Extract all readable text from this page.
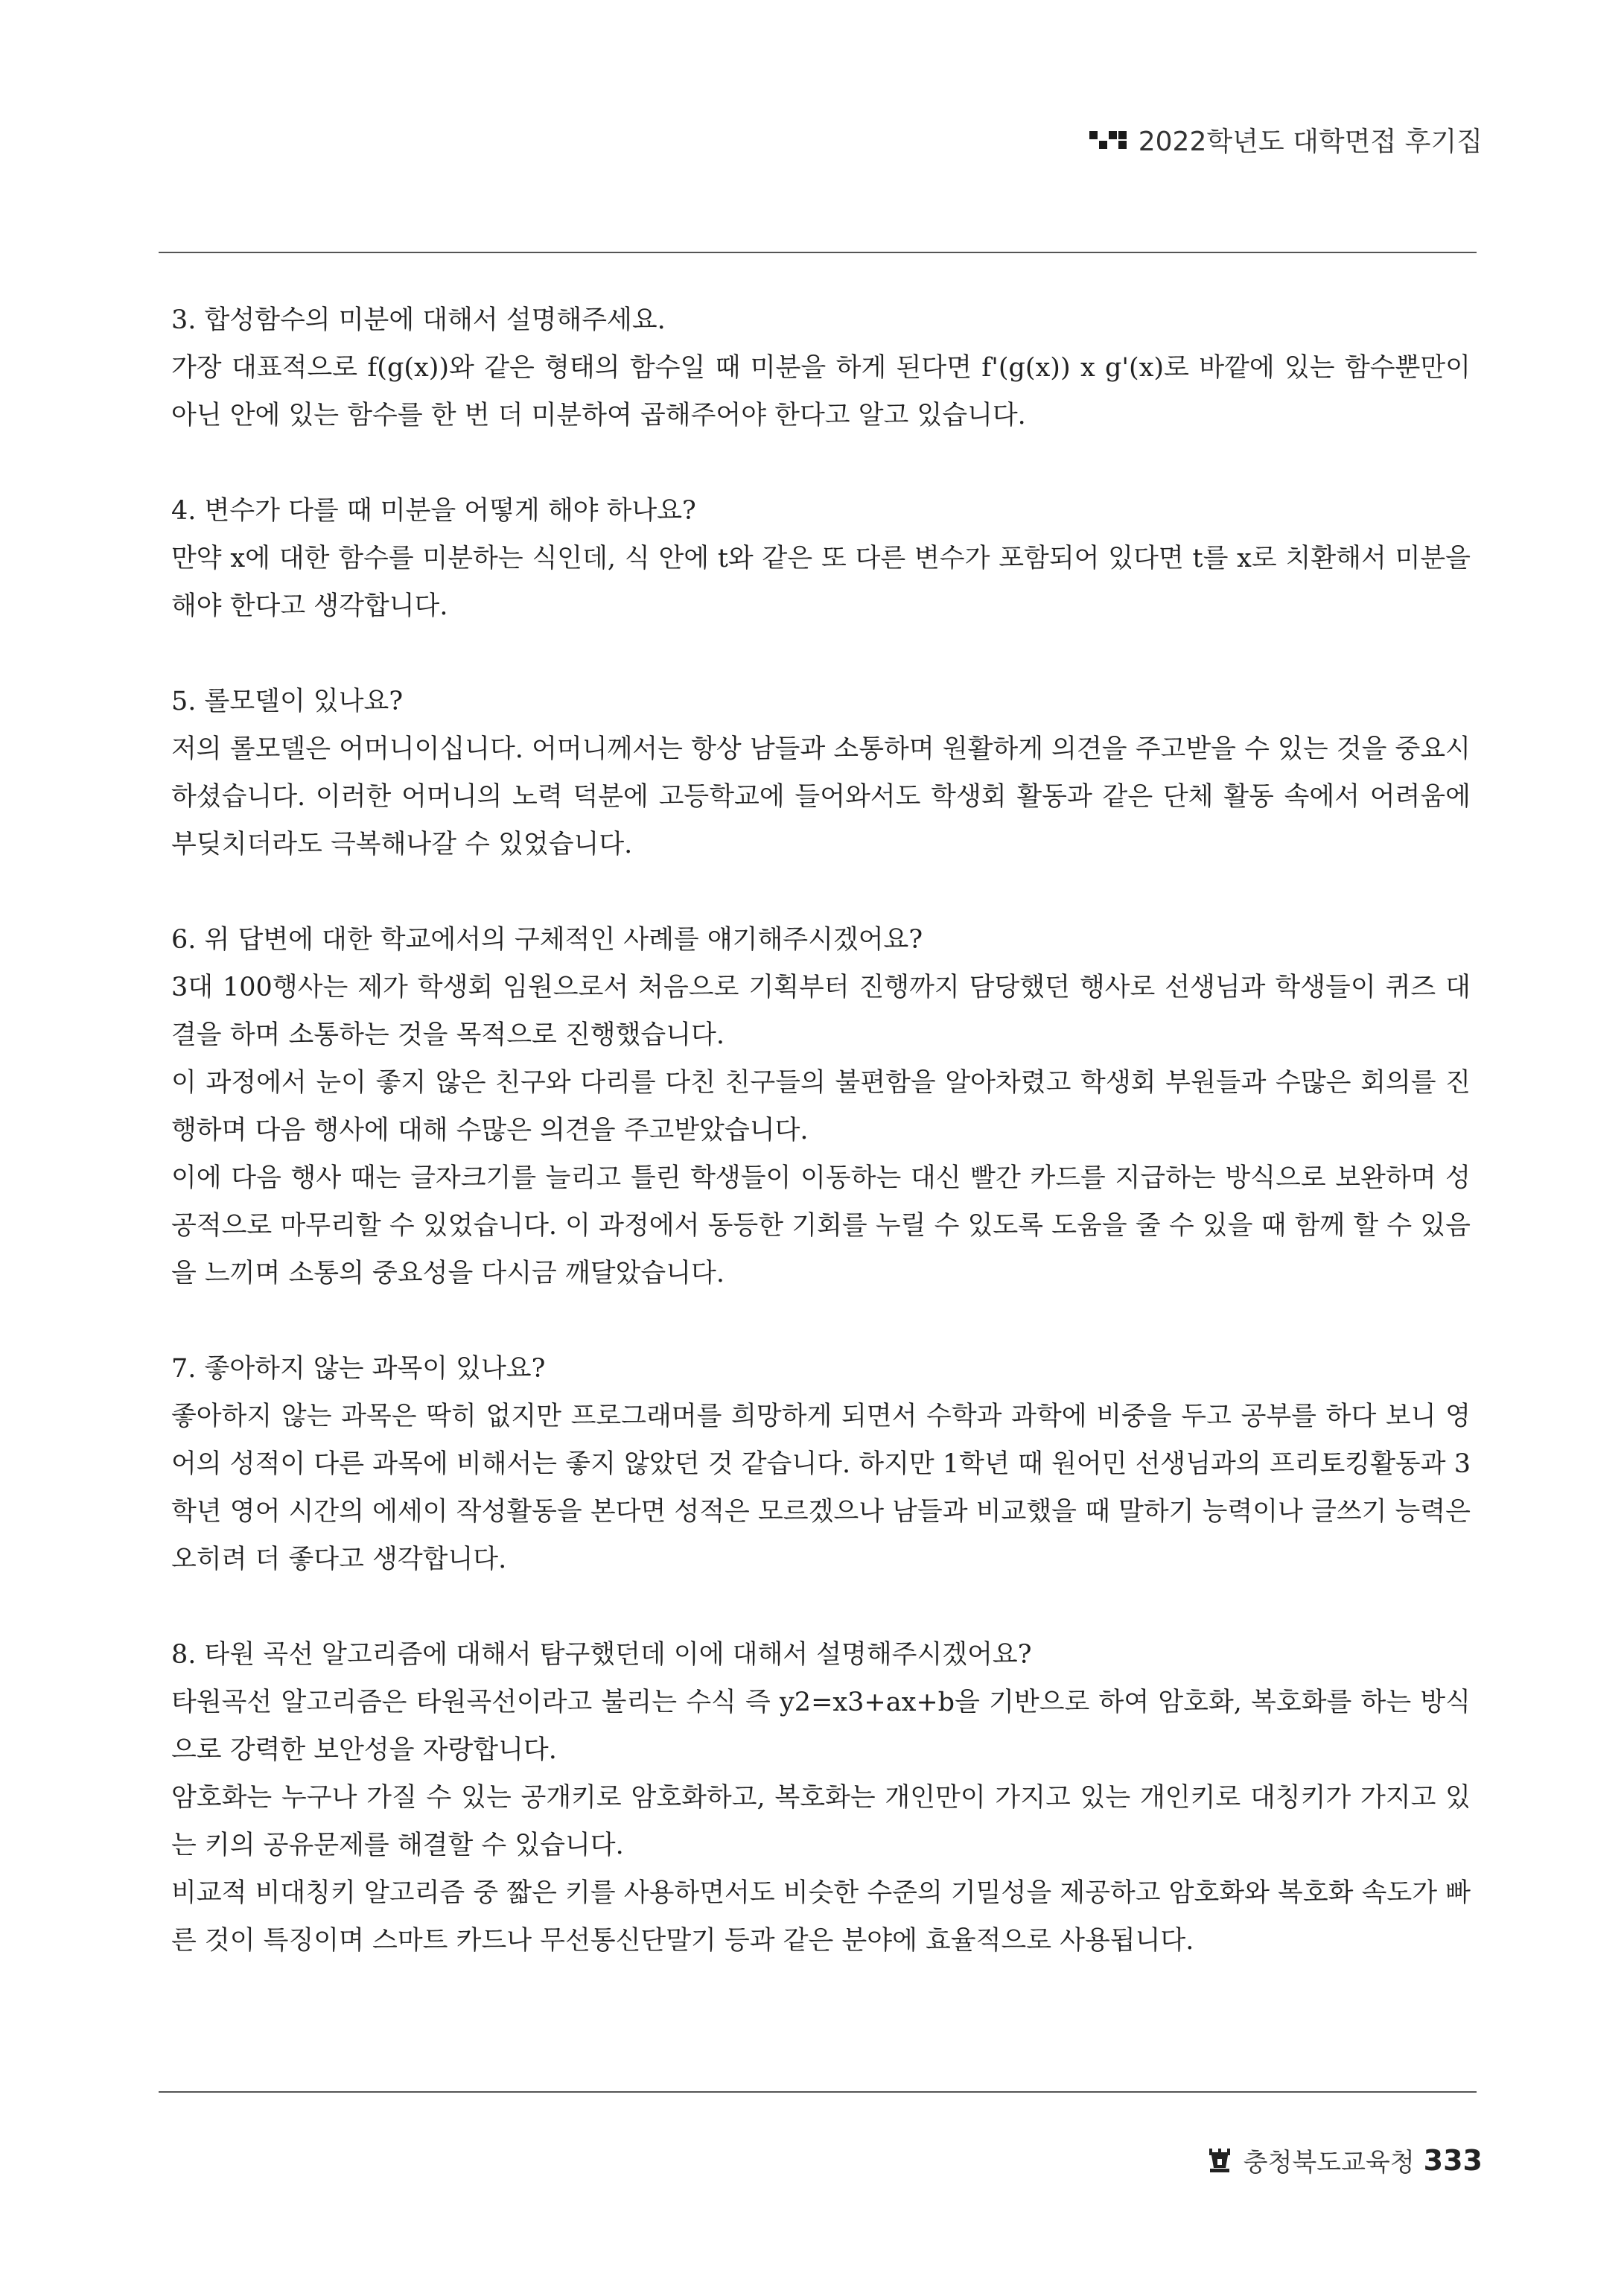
2022학년도 대학면접 후기집
3. 합성함수의 미분에 대해서 설명해주세요.
가장 대표적으로 f(g(x))와 같은 형태의 함수일 때 미분을 하게 된다면 f'(g(x)) x g'(x)로 바깥에 있는 함수뿐만이 아닌 안에 있는 함수를 한 번 더 미분하여 곱해주어야 한다고 알고 있습니다.
4. 변수가 다를 때 미분을 어떻게 해야 하나요?
만약 x에 대한 함수를 미분하는 식인데, 식 안에 t와 같은 또 다른 변수가 포함되어 있다면 t를 x로 치환해서 미분을 해야 한다고 생각합니다.
5. 롤모델이 있나요?
저의 롤모델은 어머니이십니다. 어머니께서는 항상 남들과 소통하며 원활하게 의견을 주고받을 수 있는 것을 중요시하셨습니다. 이러한 어머니의 노력 덕분에 고등학교에 들어와서도 학생회 활동과 같은 단체 활동 속에서 어려움에 부딪치더라도 극복해나갈 수 있었습니다.
6. 위 답변에 대한 학교에서의 구체적인 사례를 얘기해주시겠어요?
3대 100행사는 제가 학생회 임원으로서 처음으로 기획부터 진행까지 담당했던 행사로 선생님과 학생들이 퀴즈 대결을 하며 소통하는 것을 목적으로 진행했습니다.
이 과정에서 눈이 좋지 않은 친구와 다리를 다친 친구들의 불편함을 알아차렸고 학생회 부원들과 수많은 회의를 진행하며 다음 행사에 대해 수많은 의견을 주고받았습니다.
이에 다음 행사 때는 글자크기를 늘리고 틀린 학생들이 이동하는 대신 빨간 카드를 지급하는 방식으로 보완하며 성공적으로 마무리할 수 있었습니다. 이 과정에서 동등한 기회를 누릴 수 있도록 도움을 줄 수 있을 때 함께 할 수 있음을 느끼며 소통의 중요성을 다시금 깨달았습니다.
7. 좋아하지 않는 과목이 있나요?
좋아하지 않는 과목은 딱히 없지만 프로그래머를 희망하게 되면서 수학과 과학에 비중을 두고 공부를 하다 보니 영어의 성적이 다른 과목에 비해서는 좋지 않았던 것 같습니다. 하지만 1학년 때 원어민 선생님과의 프리토킹활동과 3학년 영어 시간의 에세이 작성활동을 본다면 성적은 모르겠으나 남들과 비교했을 때 말하기 능력이나 글쓰기 능력은 오히려 더 좋다고 생각합니다.
8. 타원 곡선 알고리즘에 대해서 탐구했던데 이에 대해서 설명해주시겠어요?
타원곡선 알고리즘은 타원곡선이라고 불리는 수식 즉 y2=x3+ax+b을 기반으로 하여 암호화, 복호화를 하는 방식으로 강력한 보안성을 자랑합니다.
암호화는 누구나 가질 수 있는 공개키로 암호화하고, 복호화는 개인만이 가지고 있는 개인키로 대칭키가 가지고 있는 키의 공유문제를 해결할 수 있습니다.
비교적 비대칭키 알고리즘 중 짧은 키를 사용하면서도 비슷한 수준의 기밀성을 제공하고 암호화와 복호화 속도가 빠른 것이 특징이며 스마트 카드나 무선통신단말기 등과 같은 분야에 효율적으로 사용됩니다.
충청북도교육청 333
